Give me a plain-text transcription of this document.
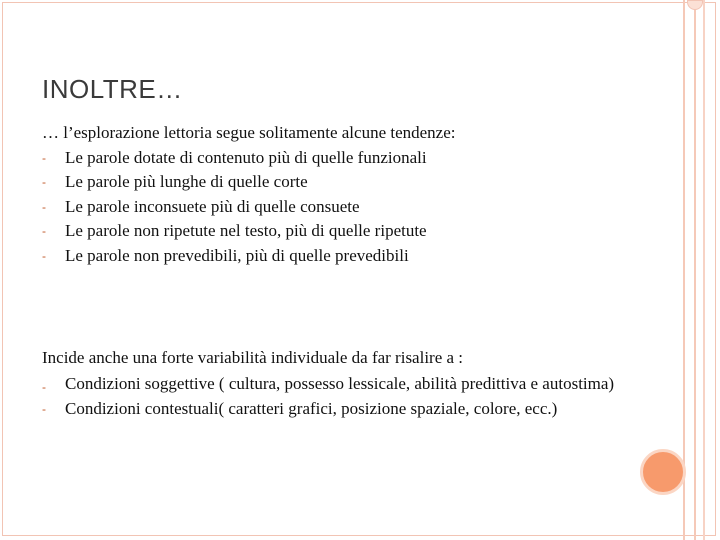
INOLTRE…
… l’esplorazione lettoria segue solitamente alcune tendenze:
- Le parole dotate di contenuto più di quelle funzionali
- Le parole più lunghe di quelle corte
- Le parole inconsuete più di quelle consuete
- Le parole non ripetute nel testo, più di quelle ripetute
- Le parole non prevedibili, più di quelle prevedibili
Incide anche una forte variabilità individuale da far risalire a :
- Condizioni soggettive ( cultura, possesso lessicale, abilità predittiva e autostima)
- Condizioni contestuali( caratteri grafici, posizione spaziale, colore, ecc.)
